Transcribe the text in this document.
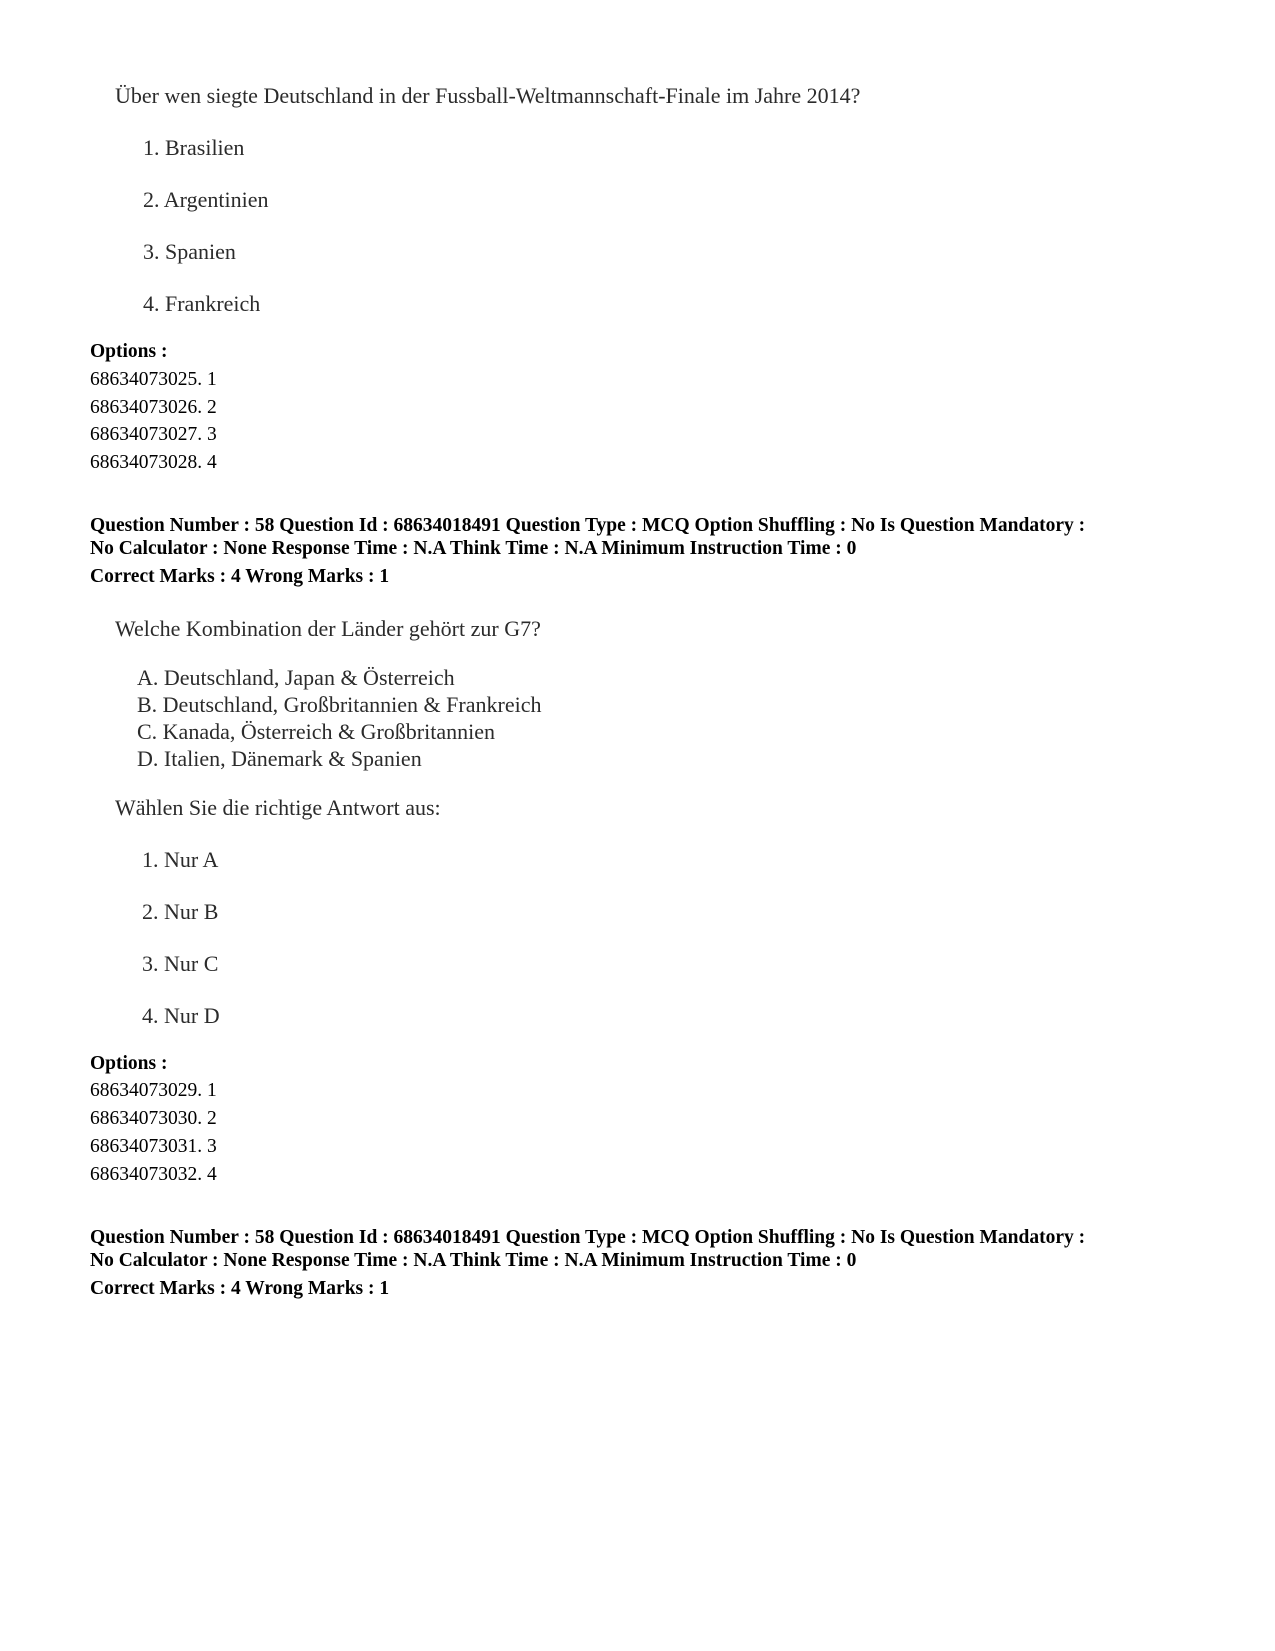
Über wen siegte Deutschland in der Fussball-Weltmannschaft-Finale im Jahre 2014?
1. Brasilien
2. Argentinien
3. Spanien
4. Frankreich
Options :
68634073025. 1
68634073026. 2
68634073027. 3
68634073028. 4
Question Number : 58 Question Id : 68634018491 Question Type : MCQ Option Shuffling : No Is Question Mandatory :
No Calculator : None Response Time : N.A Think Time : N.A Minimum Instruction Time : 0
Correct Marks : 4 Wrong Marks : 1
Welche Kombination der Länder gehört zur G7?
A. Deutschland, Japan & Österreich
B. Deutschland, Großbritannien & Frankreich
C. Kanada, Österreich & Großbritannien
D. Italien, Dänemark & Spanien
Wählen Sie die richtige Antwort aus:
1. Nur A
2. Nur B
3. Nur C
4. Nur D
Options :
68634073029. 1
68634073030. 2
68634073031. 3
68634073032. 4
Question Number : 58 Question Id : 68634018491 Question Type : MCQ Option Shuffling : No Is Question Mandatory :
No Calculator : None Response Time : N.A Think Time : N.A Minimum Instruction Time : 0
Correct Marks : 4 Wrong Marks : 1
